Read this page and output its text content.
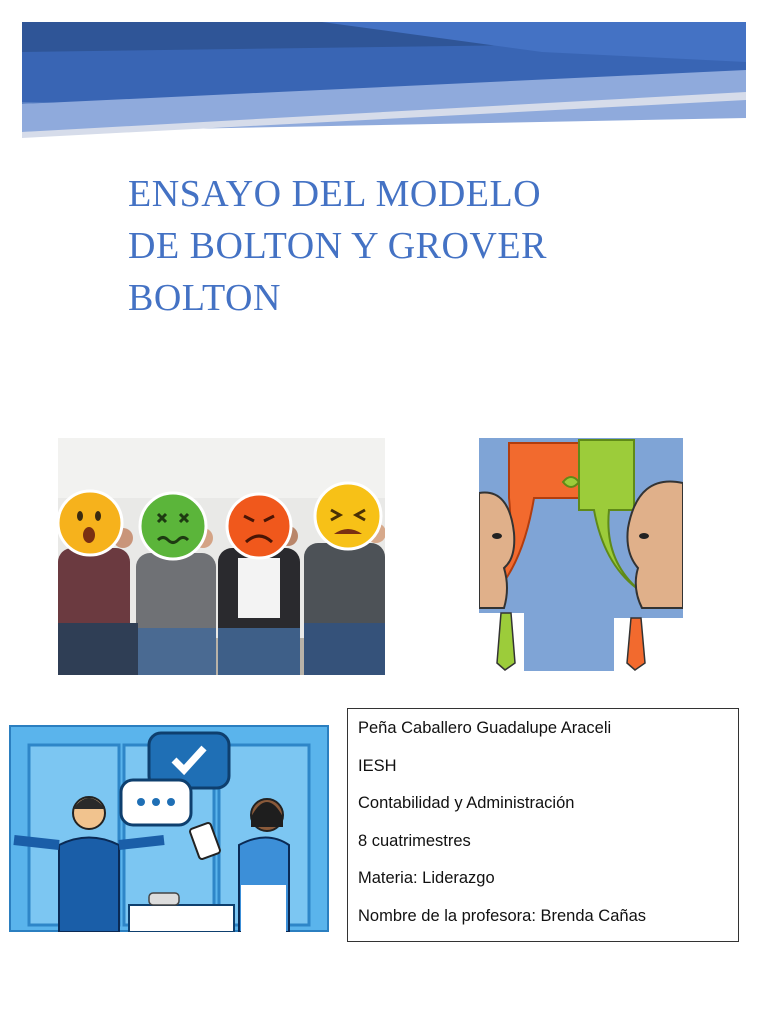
ENSAYO DEL MODELO
DE BOLTON Y GROVER
BOLTON
Peña Caballero Guadalupe Araceli
IESH
Contabilidad y Administración
8 cuatrimestres
Materia: Liderazgo
Nombre de la profesora: Brenda Cañas
